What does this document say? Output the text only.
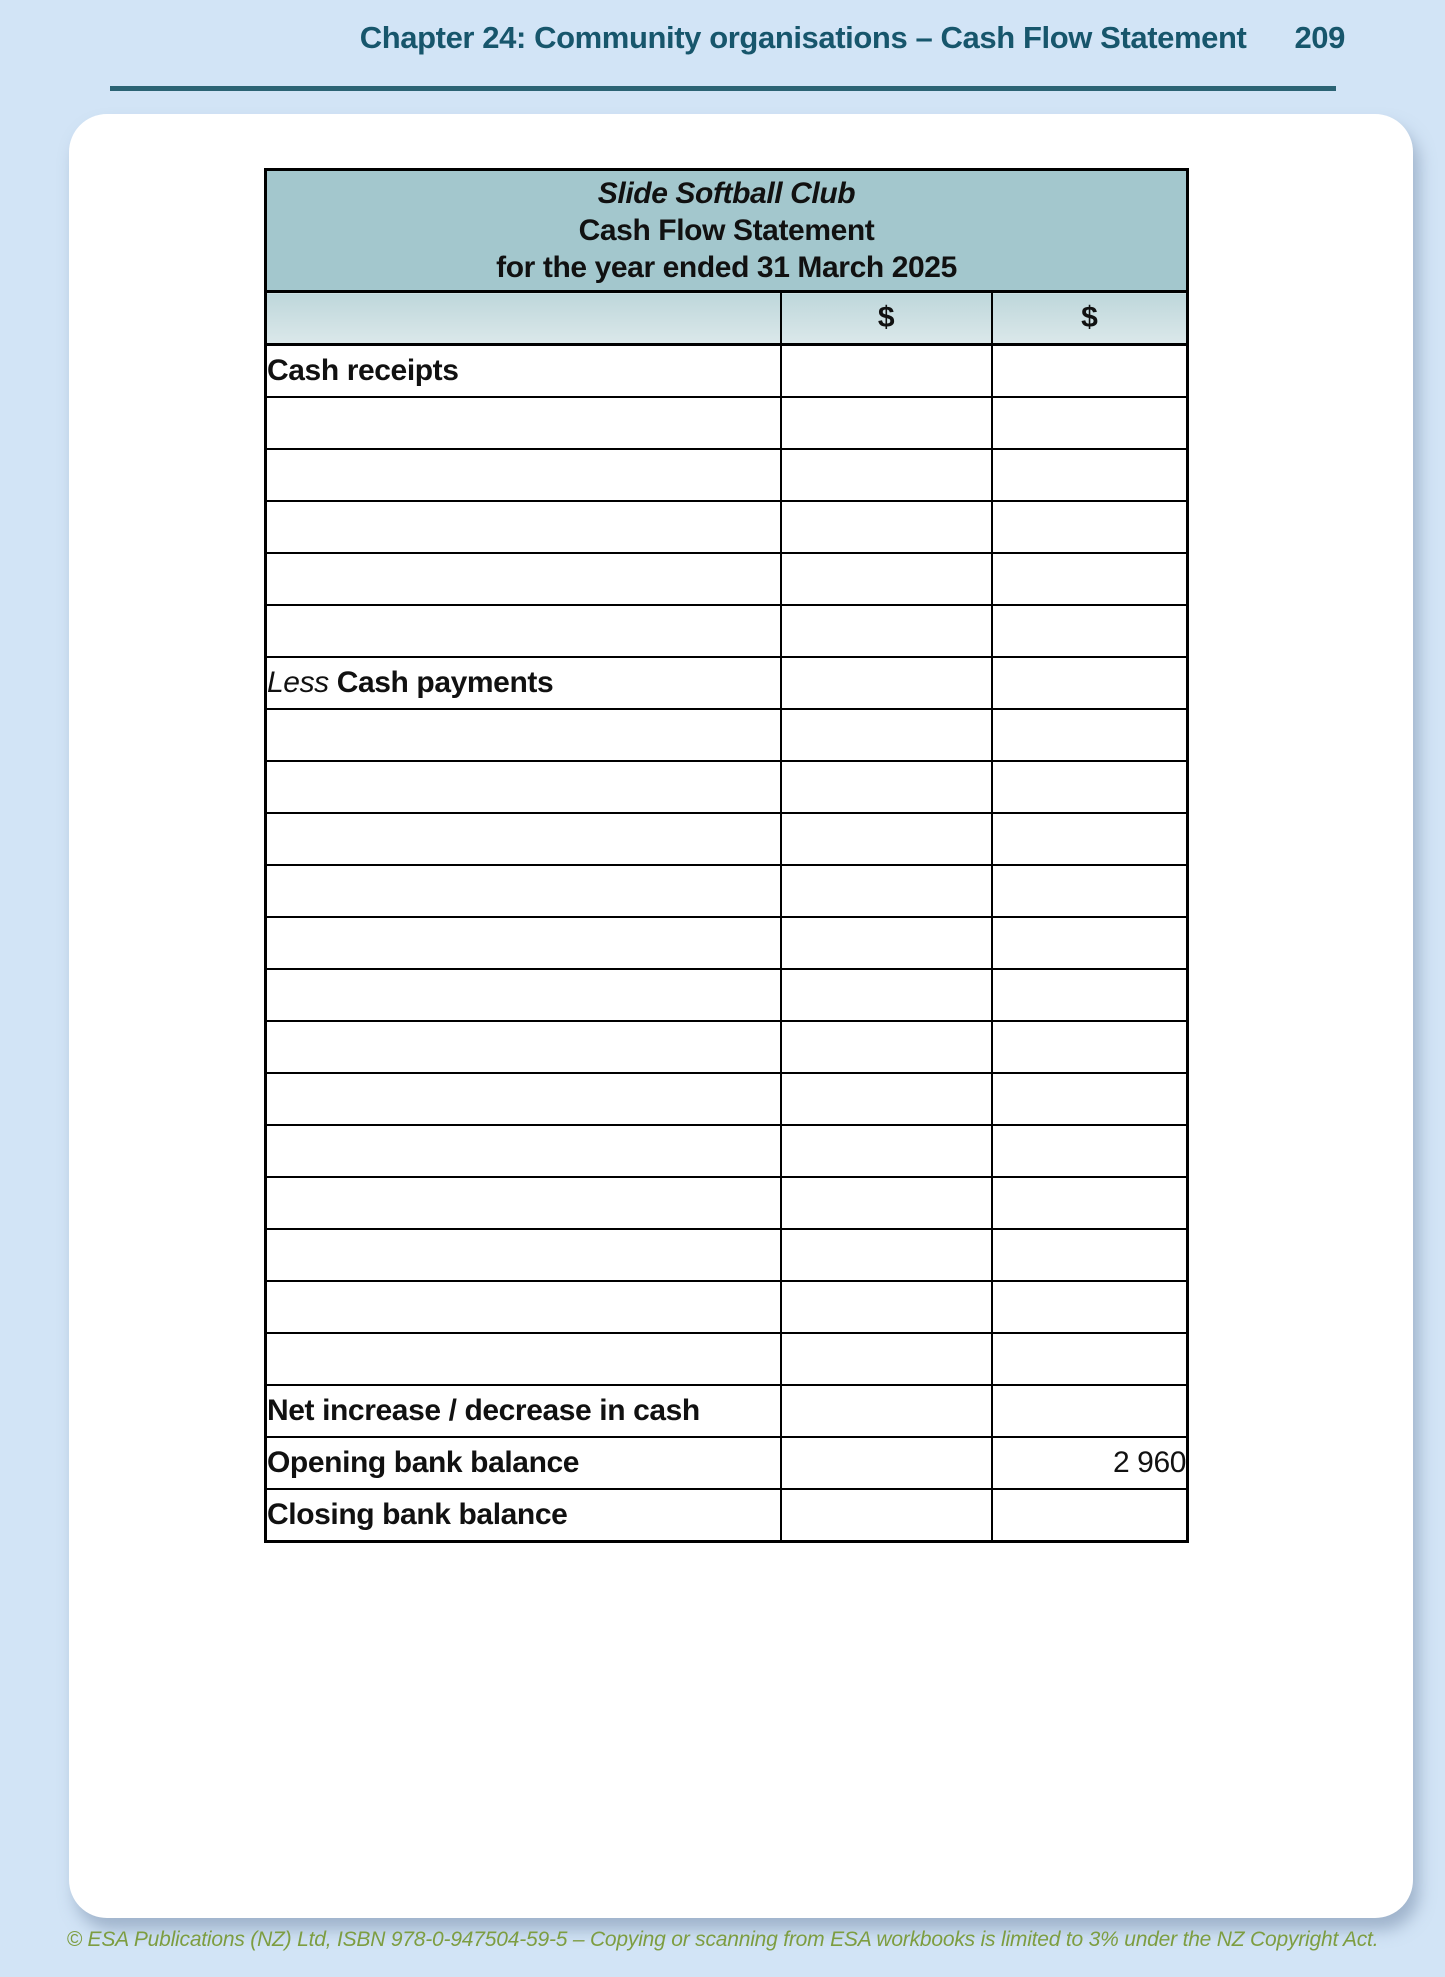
Chapter 24: Community organisations – Cash Flow Statement 209
Slide Softball Club
Cash Flow Statement
for the year ended 31 March 2025		

	$	$
Cash receipts		

Less Cash payments		

Net increase / decrease in cash		
Opening bank balance		2 960
Closing bank balance		
© ESA Publications (NZ) Ltd, ISBN 978-0-947504-59-5 – Copying or scanning from ESA workbooks is limited to 3% under the NZ Copyright Act.
